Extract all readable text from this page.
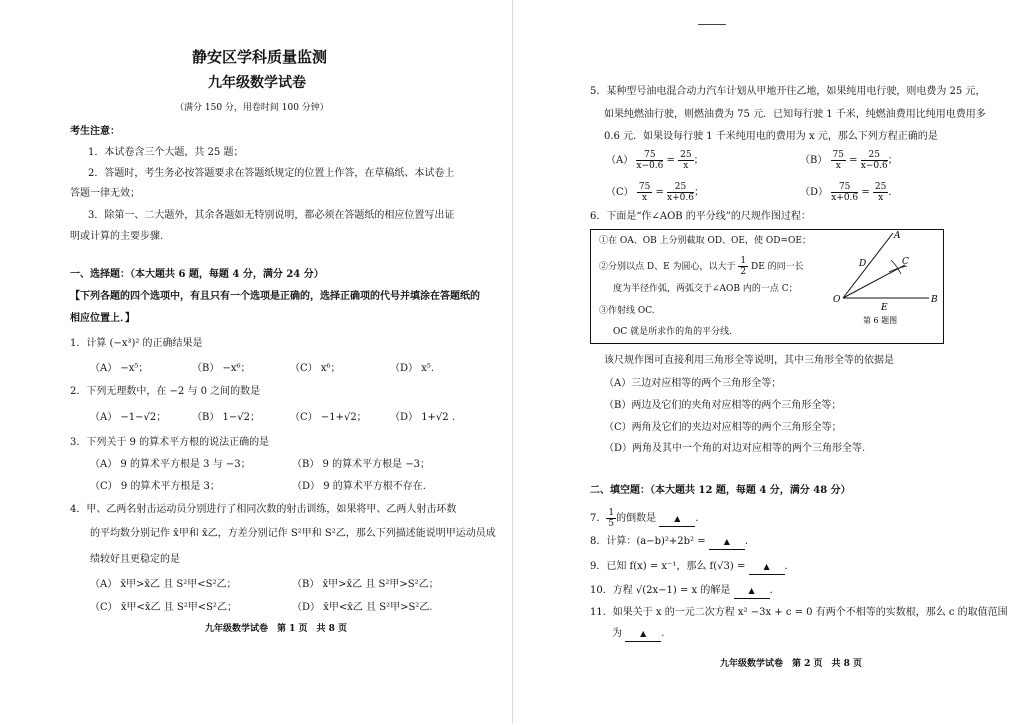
静安区学科质量监测
九年级数学试卷
（满分 150 分，用卷时间 100 分钟）
考生注意：
1．本试卷含三个大题，共 25 题；
2．答题时，考生务必按答题要求在答题纸规定的位置上作答，在草稿纸、本试卷上
答题一律无效；
3．除第一、二大题外，其余各题如无特别说明，都必须在答题纸的相应位置写出证
明或计算的主要步骤.
一、选择题：（本大题共 6 题，每题 4 分，满分 24 分）
【下列各题的四个选项中，有且只有一个选项是正确的，选择正确项的代号并填涂在答题纸的
相应位置上．】
1．计算 (−x³)² 的正确结果是
（A） −x⁵；	（B） −x⁶；	（C） x⁶；	（D） x⁵.
2．下列无理数中，在 −2 与 0 之间的数是
（A） −1−√2；	（B） 1−√2；	（C） −1+√2； （D） 1+√2 .
3．下列关于 9 的算术平方根的说法正确的是
（A） 9 的算术平方根是 3 与 −3；	（B） 9 的算术平方根是 −3；
（C） 9 的算术平方根是 3；	（D） 9 的算术平方根不存在.
4．甲、乙两名射击运动员分别进行了相同次数的射击训练，如果将甲、乙两人射击环数
的平均数分别记作 x̄甲和 x̄乙，方差分别记作 S²甲和 S²乙，那么下列描述能说明甲运动员成
绩较好且更稳定的是
（A） x̄甲>x̄乙 且 S²甲<S²乙；	（B） x̄甲>x̄乙 且 S²甲>S²乙；
（C） x̄甲<x̄乙 且 S²甲<S²乙；	（D） x̄甲<x̄乙 且 S²甲>S²乙.
九年级数学试卷　第 1 页　共 8 页
5．某种型号油电混合动力汽车计划从甲地开往乙地，如果纯用电行驶，则电费为 25 元，
如果纯燃油行驶，则燃油费为 75 元．已知每行驶 1 千米，纯燃油费用比纯用电费用多
0.6 元．如果设每行驶 1 千米纯用电的费用为 x 元，那么下列方程正确的是
$(A) \frac{75}{x-0.6} = \frac{25}{x}$ ；	$(B) \frac{75}{x} = \frac{25}{x-0.6}$ ；
$(C) \frac{75}{x} = \frac{25}{x+0.6}$ ；	$(D) \frac{75}{x+0.6} = \frac{25}{x}$ .
6．下面是“作∠AOB 的平分线”的尺规作图过程：
①在 OA、OB 上分别截取 OD、OE，使 OD=OE；
②分别以点 D、E 为圆心，以大于 $\frac{1}{2}$ DE 的同一长
度为半径作弧，两弧交于∠AOB 内的一点 C；
③作射线 OC.
OC 就是所求作的角的平分线.
A
B
C
D
E
O
第 6 题图
该尺规作图可直接利用三角形全等说明，其中三角形全等的依据是
（A）三边对应相等的两个三角形全等；
（B）两边及它们的夹角对应相等的两个三角形全等；
（C）两角及它们的夹边对应相等的两个三角形全等；
（D）两角及其中一个角的对边对应相等的两个三角形全等.
二、填空题：（本大题共 12 题，每题 4 分，满分 48 分）
7． $\frac{1}{5}$ 的倒数是 ▲ .
8．计算：(a−b)²+2b² = ▲ .
9．已知 f(x) = x⁻¹，那么 f(√3) = ▲ .
10．方程 √(2x−1) = x 的解是 ▲ .
11．如果关于 x 的一元二次方程 x² −3x + c = 0 有两个不相等的实数根，那么 c 的取值范围
为 ▲ .
九年级数学试卷　第 2 页　共 8 页
